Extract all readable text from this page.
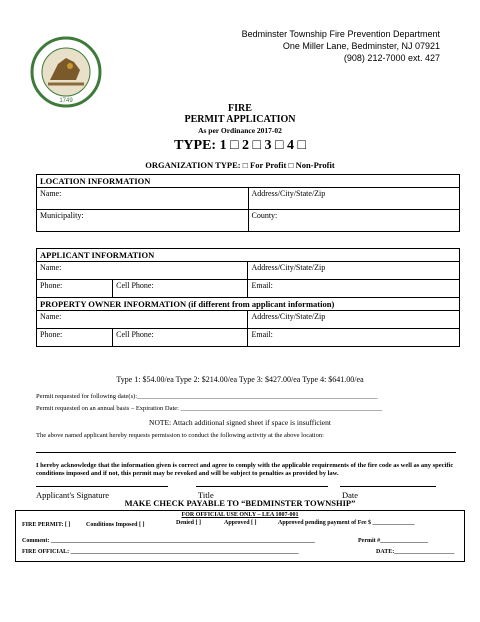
1749
Bedminster Township Fire Prevention Department
One Miller Lane, Bedminster, NJ 07921
(908) 212-7000 ext. 427
FIRE
PERMIT APPLICATION
As per Ordinance 2017-02
TYPE: 1 □ 2 □ 3 □ 4 □
ORGANIZATION TYPE: □ For Profit □ Non-Profit
LOCATION INFORMATION	
Name:	Address/City/State/Zip
Municipality:	County:
APPLICANT INFORMATION		
Name:		Address/City/State/Zip
Phone:	Cell Phone:	Email:
PROPERTY OWNER INFORMATION (if different from applicant information)		
Name:		Address/City/State/Zip
Phone:	Cell Phone:	Email:
Type 1: $54.00/ea Type 2: $214.00/ea Type 3: $427.00/ea Type 4: $641.00/ea
Permit requested for following date(s):__________________________________________________________________________
Permit requested on an annual basis – Expiration Date: ______________________________________________________________
NOTE: Attach additional signed sheet if space is insufficient
The above named applicant hereby requests permission to conduct the following activity at the above location:
I hereby acknowledge that the information given is correct and agree to comply with the applicable requirements of the fire code as well as any specific conditions imposed and if not, this permit may be revoked and will be subject to penalties as provided by law.
Applicant's Signature	Title	Date
MAKE CHECK PAYABLE TO “BEDMINSTER TOWNSHIP”
FOR OFFICIAL USE ONLY – LEA 1807-001
FIRE PERMIT: [ ]	Conditions Imposed [ ]	Denied [ ]	Approved [ ]	Approved pending payment of Fee $ ______________
Comment: ________________________________________________________________________________________	Permit #________________
FIRE OFFICIAL: ____________________________________________________________________________	DATE:____________________
